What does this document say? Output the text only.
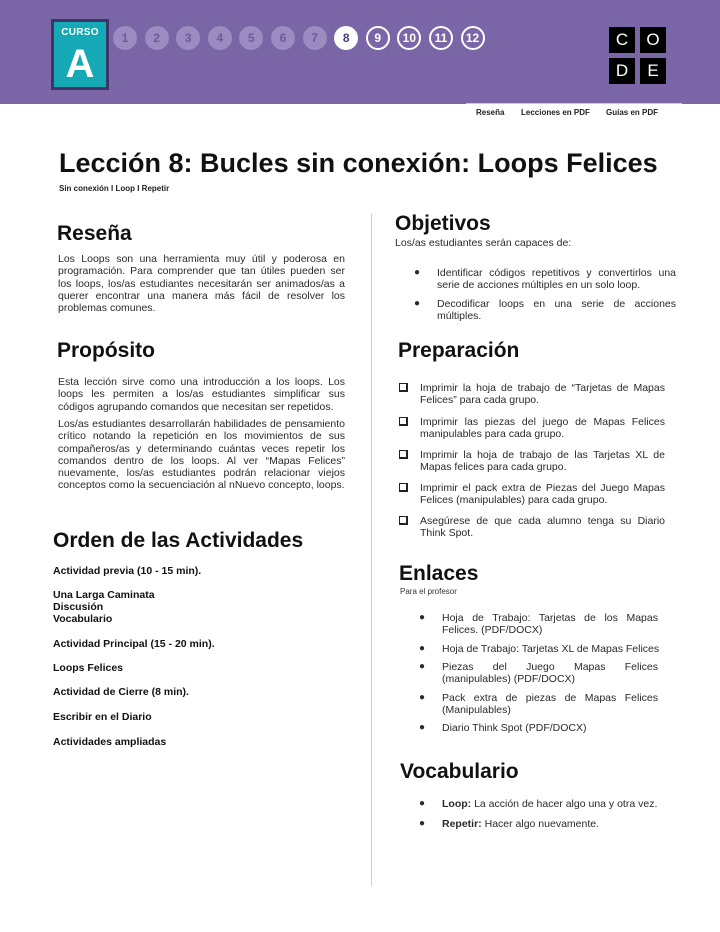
CURSO
A
1	2	3	4	5	6	7	8	9	10	11	12	C	O
D	E
Reseña Lecciones en PDF Guías en PDF
Lección 8: Bucles sin conexión: Loops Felices
Sin conexión I Loop I Repetir
Reseña
Los Loops son una herramienta muy útil y poderosa en programación. Para comprender que tan útiles pueden ser los loops, los/as estudiantes necesitarán ser animados/as a querer encontrar una manera más fácil de resolver los problemas comunes.
Propósito
Esta lección sirve como una introducción a los loops. Los loops les permiten a los/as estudiantes simplificar sus códigos agrupando comandos que necesitan ser repetidos.
Los/as estudiantes desarrollarán habilidades de pensamiento crítico notando la repetición en los movimientos de sus compañeros/as y determinando cuántas veces repetir los comandos dentro de los loops. Al ver “Mapas Felices” nuevamente, los/as estudiantes podrán relacionar viejos conceptos como la secuenciación al nNuevo concepto, loops.
Orden de las Actividades
Actividad previa (10 - 15 min).
Una Larga Caminata
Discusión
Vocabulario
Actividad Principal (15 - 20 min).
Loops Felices
Actividad de Cierre (8 min).
Escribir en el Diario
Actividades ampliadas
Objetivos
Los/as estudiantes serán capaces de:
● Identificar códigos repetitivos y convertirlos una serie de acciones múltiples en un solo loop.
● Decodificar loops en una serie de acciones múltiples.
Preparación
Imprimir la hoja de trabajo de “Tarjetas de Mapas Felices” para cada grupo.
Imprimir las piezas del juego de Mapas Felices manipulables para cada grupo.
Imprimir la hoja de trabajo de las Tarjetas XL de Mapas felices para cada grupo.
Imprimir el pack extra de Piezas del Juego Mapas Felices (manipulables) para cada grupo.
Asegúrese de que cada alumno tenga su Diario Think Spot.
Enlaces
Para el profesor
● Hoja de Trabajo: Tarjetas de los Mapas Felices. (PDF/DOCX)
● Hoja de Trabajo: Tarjetas XL de Mapas Felices
● Piezas del Juego Mapas Felices (manipulables) (PDF/DOCX)
● Pack extra de piezas de Mapas Felices (Manipulables)
● Diario Think Spot (PDF/DOCX)
Vocabulario
● Loop: La acción de hacer algo una y otra vez.
● Repetir: Hacer algo nuevamente.
